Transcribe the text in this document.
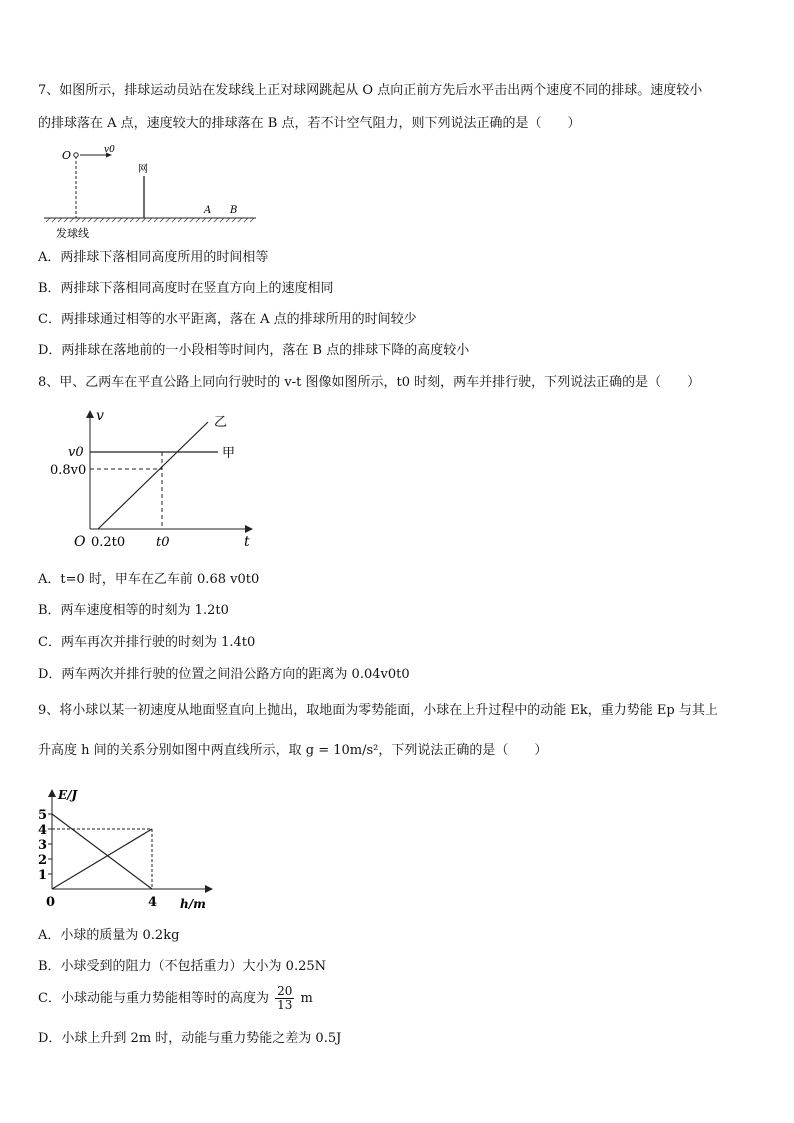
7、如图所示，排球运动员站在发球线上正对球网跳起从 O 点向正前方先后水平击出两个速度不同的排球。速度较小
的排球落在 A 点，速度较大的排球落在 B 点，若不计空气阻力，则下列说法正确的是（　　）
O	v0
网
A B
发球线
A．两排球下落相同高度所用的时间相等
B．两排球下落相同高度时在竖直方向上的速度相同
C．两排球通过相等的水平距离，落在 A 点的排球所用的时间较少
D．两排球在落地前的一小段相等时间内，落在 B 点的排球下降的高度较小
8、甲、乙两车在平直公路上同向行驶时的 v-t 图像如图所示，t0 时刻，两车并排行驶，下列说法正确的是（　　）
v
t
O
v0
0.8v0
0.2t0 t0
甲
乙
A．t=0 时，甲车在乙车前 0.68 v0t0
B．两车速度相等的时刻为 1.2t0
C．两车再次并排行驶的时刻为 1.4t0
D．两车两次并排行驶的位置之间沿公路方向的距离为 0.04v0t0
9、将小球以某一初速度从地面竖直向上抛出，取地面为零势能面，小球在上升过程中的动能 Ek，重力势能 Ep 与其上
升高度 h 间的关系分别如图中两直线所示，取 g = 10m/s²，下列说法正确的是（　　）
E/J
h/m
0	4
1
2
3
4
5
A．小球的质量为 0.2kg
B．小球受到的阻力（不包括重力）大小为 0.25N
C．小球动能与重力势能相等时的高度为 $\frac{20}{13}$ m
D．小球上升到 2m 时，动能与重力势能之差为 0.5J
